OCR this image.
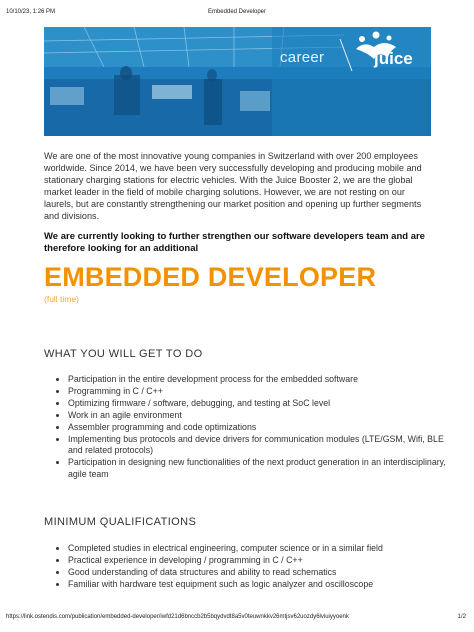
10/10/23, 1:26 PM	Embedded Developer
career	juice
We are one of the most innovative young companies in Switzerland with over 200 employees worldwide. Since 2014, we have been very successfully developing and producing mobile and stationary charging stations for electric vehicles. With the Juice Booster 2, we are the global market leader in the field of mobile charging solutions. However, we are not resting on our laurels, but are constantly strengthening our market position and opening up further segments and divisions.
We are currently looking to further strengthen our software developers team and are therefore looking for an additional
EMBEDDED DEVELOPER
(full time)
WHAT YOU WILL GET TO DO
• Participation in the entire development process for the embedded software
• Programming in C / C++
• Optimizing firmware / software, debugging, and testing at SoC level
• Work in an agile environment
• Assembler programming and code optimizations
• Implementing bus protocols and device drivers for communication modules (LTE/GSM, Wifi, BLE and related protocols)
• Participation in designing new functionalities of the next product generation in an interdisciplinary, agile team
MINIMUM QUALIFICATIONS
• Completed studies in electrical engineering, computer science or in a similar field
• Practical experience in developing / programming in C / C++
• Good understanding of data structures and ability to read schematics
• Familiar with hardware test equipment such as logic analyzer and oscilloscope
https://link.ostendis.com/publication/embedded-developer/iwfd21d6bnccb2b5bqydvdt8a5v0teuwnkkv26mtjsv62uozdy6lviuiyyoenk	1/2
